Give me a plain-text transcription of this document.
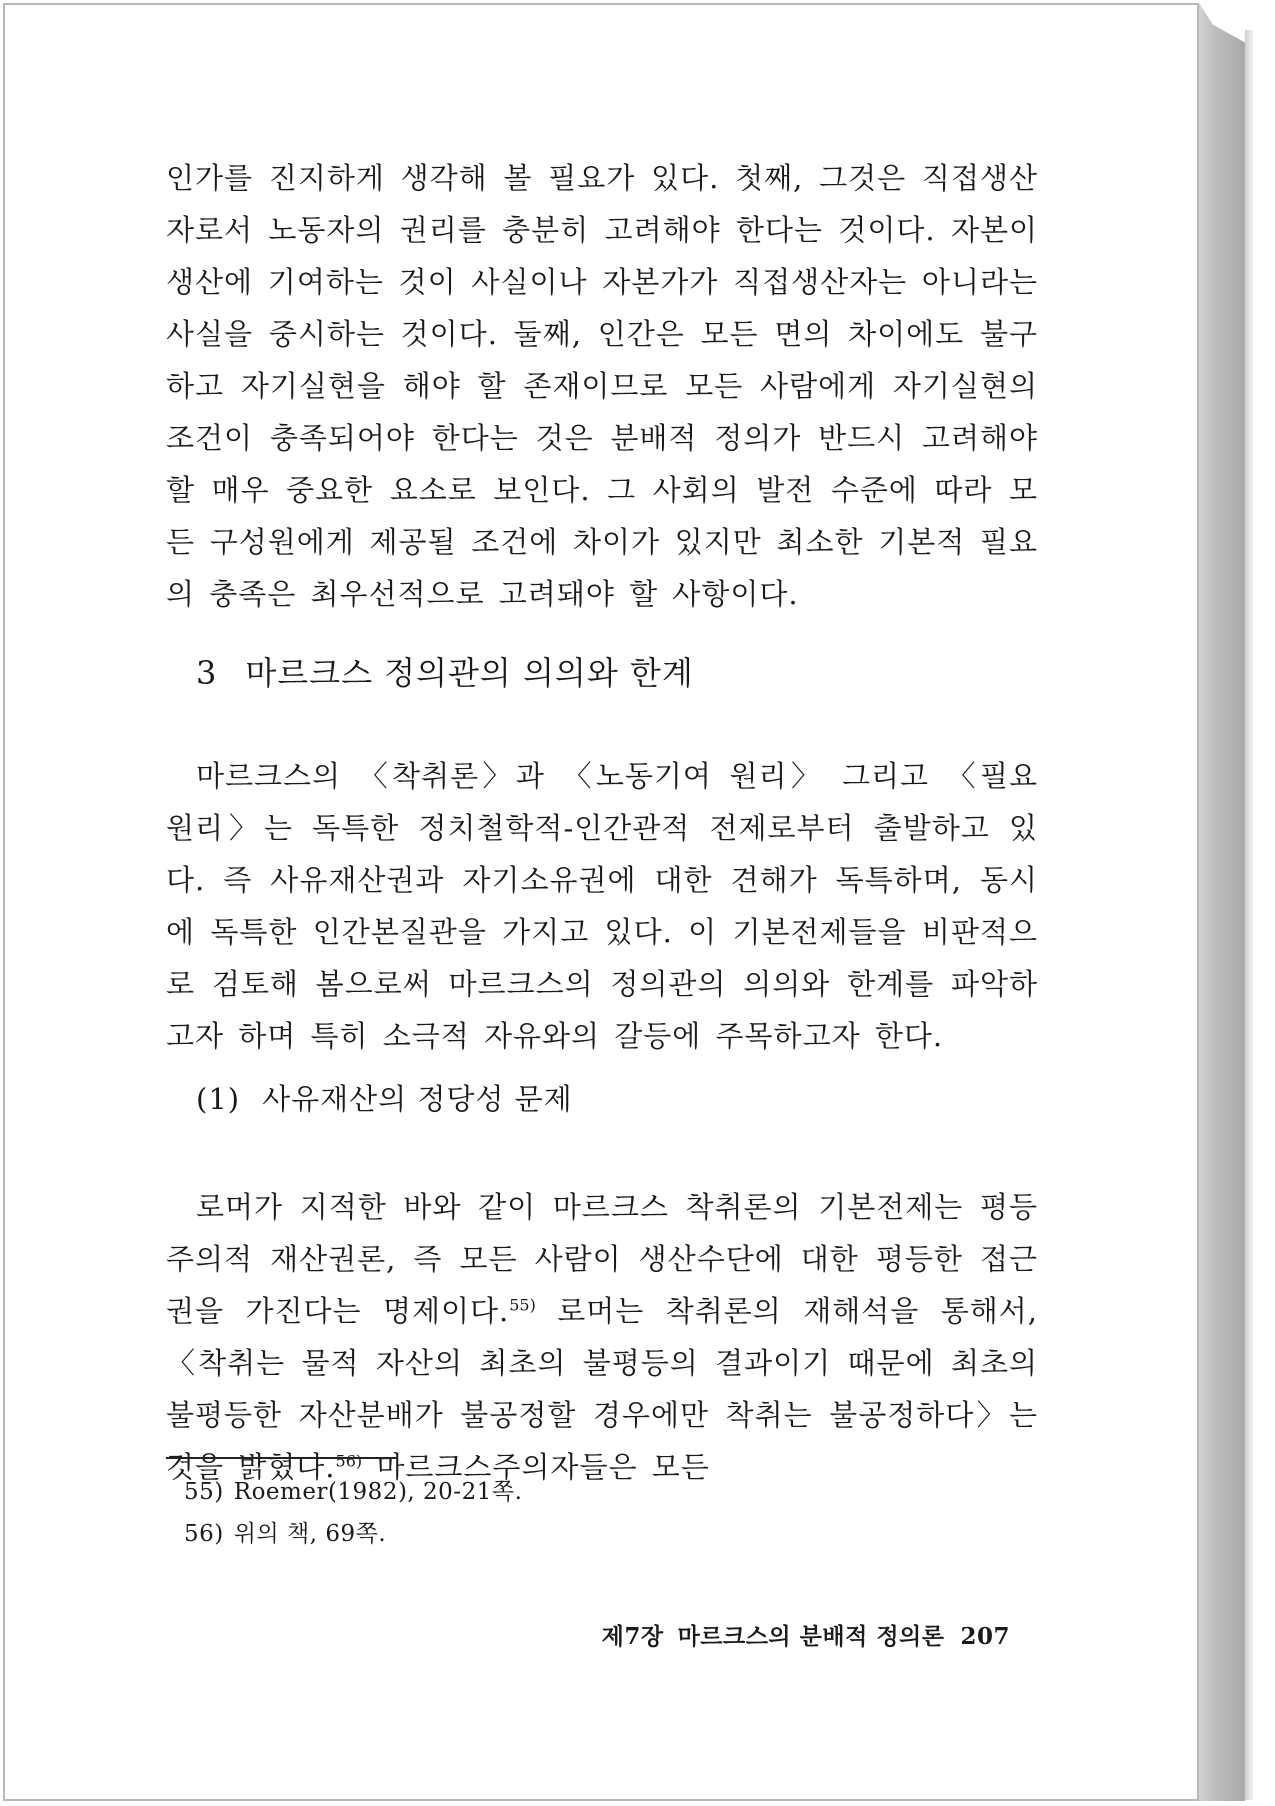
인가를 진지하게 생각해 볼 필요가 있다. 첫째, 그것은 직접생산자로서 노동자의 권리를 충분히 고려해야 한다는 것이다. 자본이 생산에 기여하는 것이 사실이나 자본가가 직접생산자는 아니라는 사실을 중시하는 것이다. 둘째, 인간은 모든 면의 차이에도 불구하고 자기실현을 해야 할 존재이므로 모든 사람에게 자기실현의 조건이 충족되어야 한다는 것은 분배적 정의가 반드시 고려해야 할 매우 중요한 요소로 보인다. 그 사회의 발전 수준에 따라 모든 구성원에게 제공될 조건에 차이가 있지만 최소한 기본적 필요의 충족은 최우선적으로 고려돼야 할 사항이다.

3 마르크스 정의관의 의의와 한계

마르크스의 〈착취론〉과 〈노동기여 원리〉 그리고 〈필요 원리〉는 독특한 정치철학적-인간관적 전제로부터 출발하고 있다. 즉 사유재산권과 자기소유권에 대한 견해가 독특하며, 동시에 독특한 인간본질관을 가지고 있다. 이 기본전제들을 비판적으로 검토해 봄으로써 마르크스의 정의관의 의의와 한계를 파악하고자 하며 특히 소극적 자유와의 갈등에 주목하고자 한다.

(1) 사유재산의 정당성 문제

로머가 지적한 바와 같이 마르크스 착취론의 기본전제는 평등주의적 재산권론, 즉 모든 사람이 생산수단에 대한 평등한 접근권을 가진다는 명제이다.$^{55)}$ 로머는 착취론의 재해석을 통해서, 〈착취는 물적 자산의 최초의 불평등의 결과이기 때문에 최초의 불평등한 자산분배가 불공정할 경우에만 착취는 불공정하다〉는 것을 밝혔다.$^{56)}$ 마르크스주의자들은 모든

55) Roemer(1982), 20-21쪽.

56) 위의 책, 69쪽.

제7장 마르크스의 분배적 정의론 207
